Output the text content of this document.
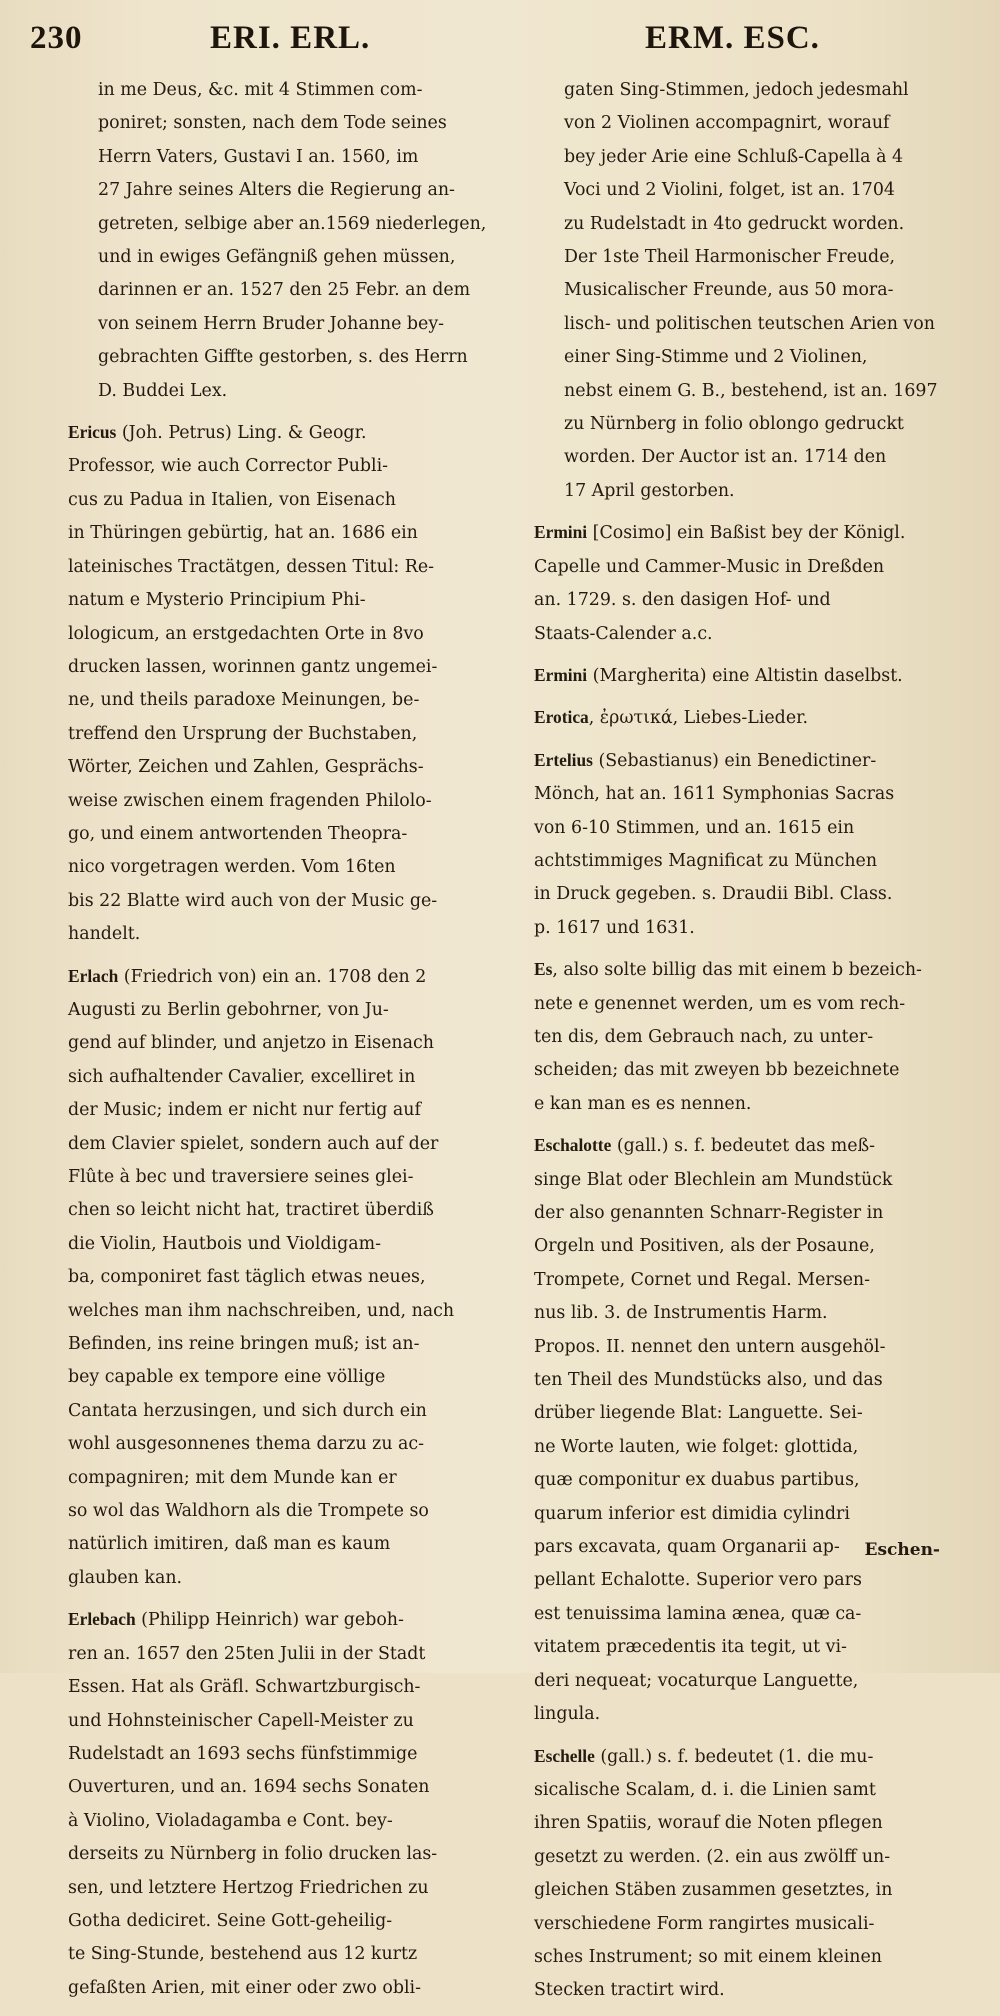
230	ERI. ERL.	ERM. ESC.
in me Deus, &c. mit 4 Stimmen com-
poniret; sonsten, nach dem Tode seines
Herrn Vaters, Gustavi I an. 1560, im
27 Jahre seines Alters die Regierung an-
getreten, selbige aber an.1569 niederlegen,
und in ewiges Gefängniß gehen müssen,
darinnen er an. 1527 den 25 Febr. an dem
von seinem Herrn Bruder Johanne bey-
gebrachten Giffte gestorben, s. des Herrn
D. Buddei Lex.
Ericus (Joh. Petrus) Ling. & Geogr.
Professor, wie auch Corrector Publi-
cus zu Padua in Italien, von Eisenach
in Thüringen gebürtig, hat an. 1686 ein
lateinisches Tractätgen, dessen Titul: Re-
natum e Mysterio Principium Phi-
lologicum, an erstgedachten Orte in 8vo
drucken lassen, worinnen gantz ungemei-
ne, und theils paradoxe Meinungen, be-
treffend den Ursprung der Buchstaben,
Wörter, Zeichen und Zahlen, Gesprächs-
weise zwischen einem fragenden Philolo-
go, und einem antwortenden Theopra-
nico vorgetragen werden. Vom 16ten
bis 22 Blatte wird auch von der Music ge-
handelt.
Erlach (Friedrich von) ein an. 1708 den 2
Augusti zu Berlin gebohrner, von Ju-
gend auf blinder, und anjetzo in Eisenach
sich aufhaltender Cavalier, excelliret in
der Music; indem er nicht nur fertig auf
dem Clavier spielet, sondern auch auf der
Flûte à bec und traversiere seines glei-
chen so leicht nicht hat, tractiret überdiß
die Violin, Hautbois und Violdigam-
ba, componiret fast täglich etwas neues,
welches man ihm nachschreiben, und, nach
Befinden, ins reine bringen muß; ist an-
bey capable ex tempore eine völlige
Cantata herzusingen, und sich durch ein
wohl ausgesonnenes thema darzu zu ac-
compagniren; mit dem Munde kan er
so wol das Waldhorn als die Trompete so
natürlich imitiren, daß man es kaum
glauben kan.
Erlebach (Philipp Heinrich) war geboh-
ren an. 1657 den 25ten Julii in der Stadt
Essen. Hat als Gräfl. Schwartzburgisch-
und Hohnsteinischer Capell-Meister zu
Rudelstadt an 1693 sechs fünfstimmige
Ouverturen, und an. 1694 sechs Sonaten
à Violino, Violadagamba e Cont. bey-
derseits zu Nürnberg in folio drucken las-
sen, und letztere Hertzog Friedrichen zu
Gotha dediciret. Seine Gott-geheilig-
te Sing-Stunde, bestehend aus 12 kurtz
gefaßten Arien, mit einer oder zwo obli-
gaten Sing-Stimmen, jedoch jedesmahl
von 2 Violinen accompagnirt, worauf
bey jeder Arie eine Schluß-Capella à 4
Voci und 2 Violini, folget, ist an. 1704
zu Rudelstadt in 4to gedruckt worden.
Der 1ste Theil Harmonischer Freude,
Musicalischer Freunde, aus 50 mora-
lisch- und politischen teutschen Arien von
einer Sing-Stimme und 2 Violinen,
nebst einem G. B., bestehend, ist an. 1697
zu Nürnberg in folio oblongo gedruckt
worden. Der Auctor ist an. 1714 den
17 April gestorben.
Ermini [Cosimo] ein Baßist bey der Königl.
Capelle und Cammer-Music in Dreßden
an. 1729. s. den dasigen Hof- und
Staats-Calender a.c.
Ermini (Margherita) eine Altistin daselbst.
Erotica, ἐρωτικά, Liebes-Lieder.
Ertelius (Sebastianus) ein Benedictiner-
Mönch, hat an. 1611 Symphonias Sacras
von 6-10 Stimmen, und an. 1615 ein
achtstimmiges Magnificat zu München
in Druck gegeben. s. Draudii Bibl. Class.
p. 1617 und 1631.
Es, also solte billig das mit einem b bezeich-
nete e genennet werden, um es vom rech-
ten dis, dem Gebrauch nach, zu unter-
scheiden; das mit zweyen bb bezeichnete
e kan man es es nennen.
Eschalotte (gall.) s. f. bedeutet das meß-
singe Blat oder Blechlein am Mundstück
der also genannten Schnarr-Register in
Orgeln und Positiven, als der Posaune,
Trompete, Cornet und Regal. Mersen-
nus lib. 3. de Instrumentis Harm.
Propos. II. nennet den untern ausgehöl-
ten Theil des Mundstücks also, und das
drüber liegende Blat: Languette. Sei-
ne Worte lauten, wie folget: glottida,
quæ componitur ex duabus partibus,
quarum inferior est dimidia cylindri
pars excavata, quam Organarii ap-
pellant Echalotte. Superior vero pars
est tenuissima lamina ænea, quæ ca-
vitatem præcedentis ita tegit, ut vi-
deri nequeat; vocaturque Languette,
lingula.
Eschelle (gall.) s. f. bedeutet (1. die mu-
sicalische Scalam, d. i. die Linien samt
ihren Spatiis, worauf die Noten pflegen
gesetzt zu werden. (2. ein aus zwölff un-
gleichen Stäben zusammen gesetztes, in
verschiedene Form rangirtes musicali-
sches Instrument; so mit einem kleinen
Stecken tractirt wird.
Eschen-
